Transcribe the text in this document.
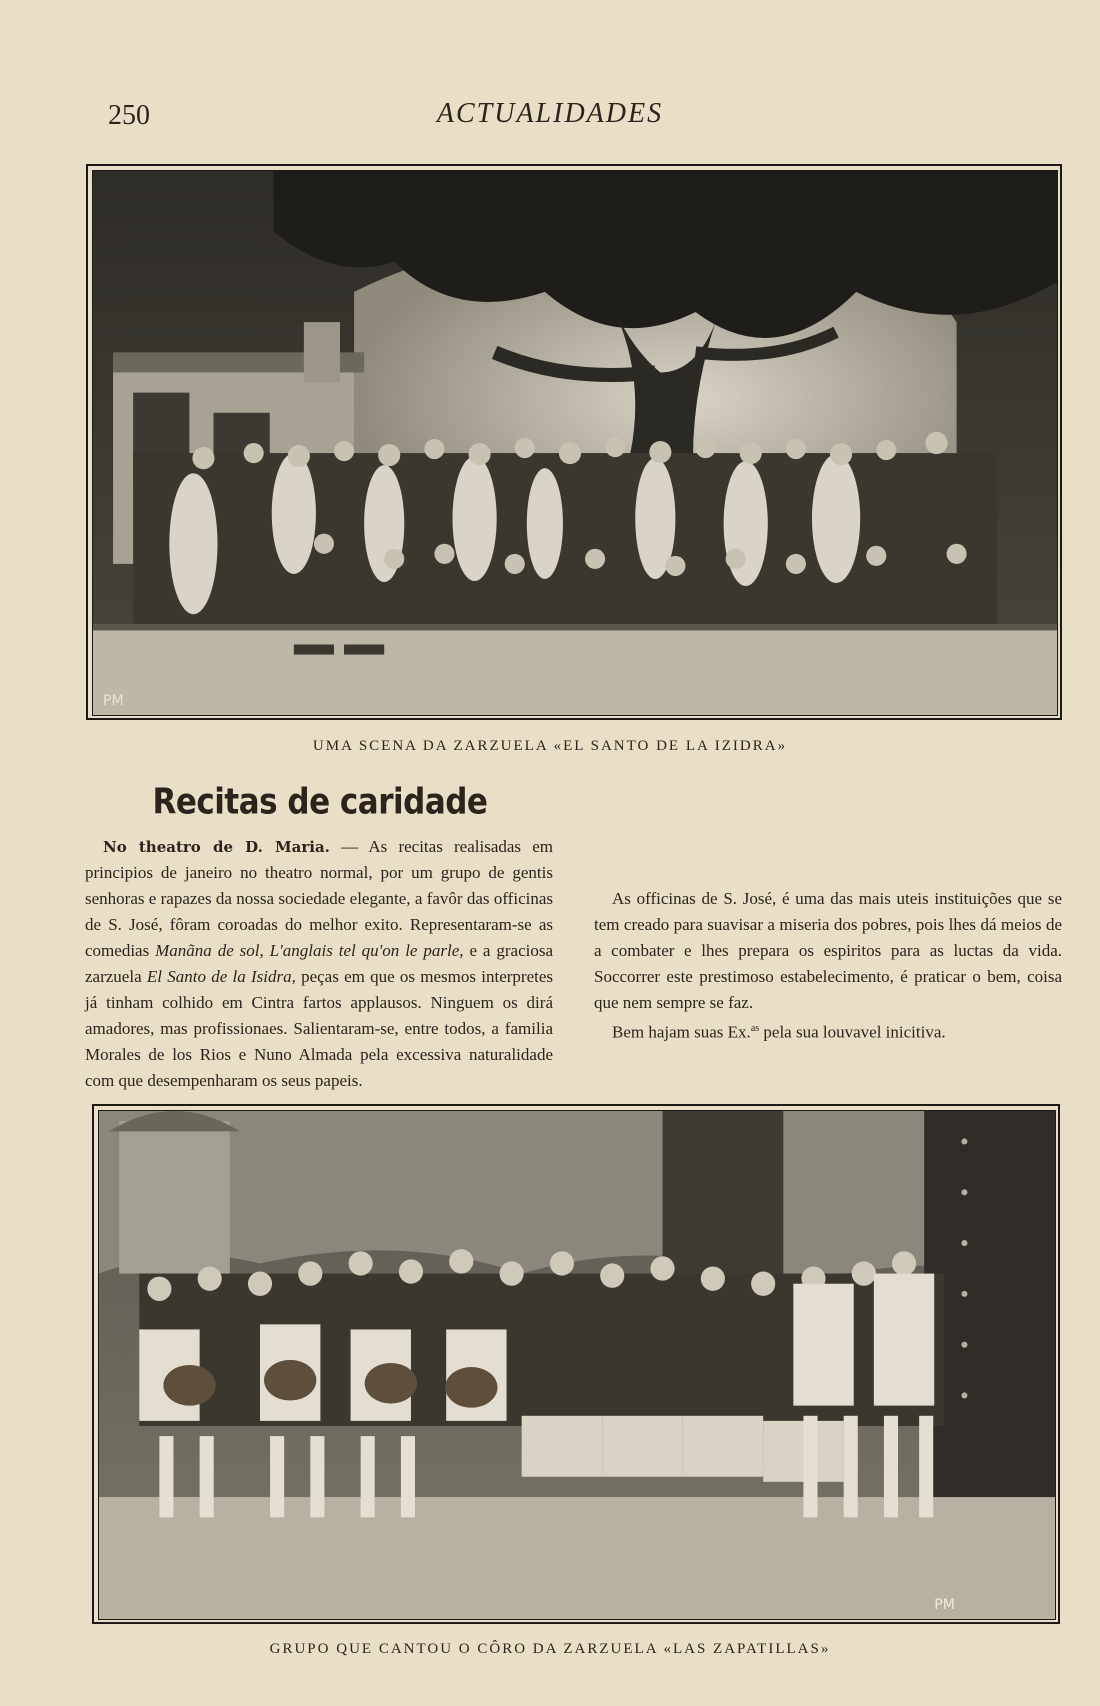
250	ACTUALIDADES
PM
UMA SCENA DA ZARZUELA «EL SANTO DE LA IZIDRA»
Recitas de caridade

No theatro de D. Maria. — As recitas realisadas em principios de janeiro no theatro normal, por um grupo de gentis senhoras e rapazes da nossa sociedade elegante, a favôr das officinas de S. José, fôram coroadas do melhor exito. Representaram-se as comedias Manãna de sol, L'anglais tel qu'on le parle, e a graciosa zarzuela El Santo de la Isidra, peças em que os mesmos interpretes já tinham colhido em Cintra fartos applausos. Ninguem os dirá amadores, mas profissionaes. Salientaram-se, entre todos, a familia Morales de los Rios e Nuno Almada pela excessiva naturalidade com que desempenharam os seus papeis.

As officinas de S. José, é uma das mais uteis instituições que se tem creado para suavisar a miseria dos pobres, pois lhes dá meios de a combater e lhes prepara os espiritos para as luctas da vida. Soccorrer este prestimoso estabelecimento, é praticar o bem, coisa que nem sempre se faz.

Bem hajam suas Ex.$^{as}$ pela sua louvavel inicitiva.

PM
GRUPO QUE CANTOU O CÔRO DA ZARZUELA «LAS ZAPATILLAS»
